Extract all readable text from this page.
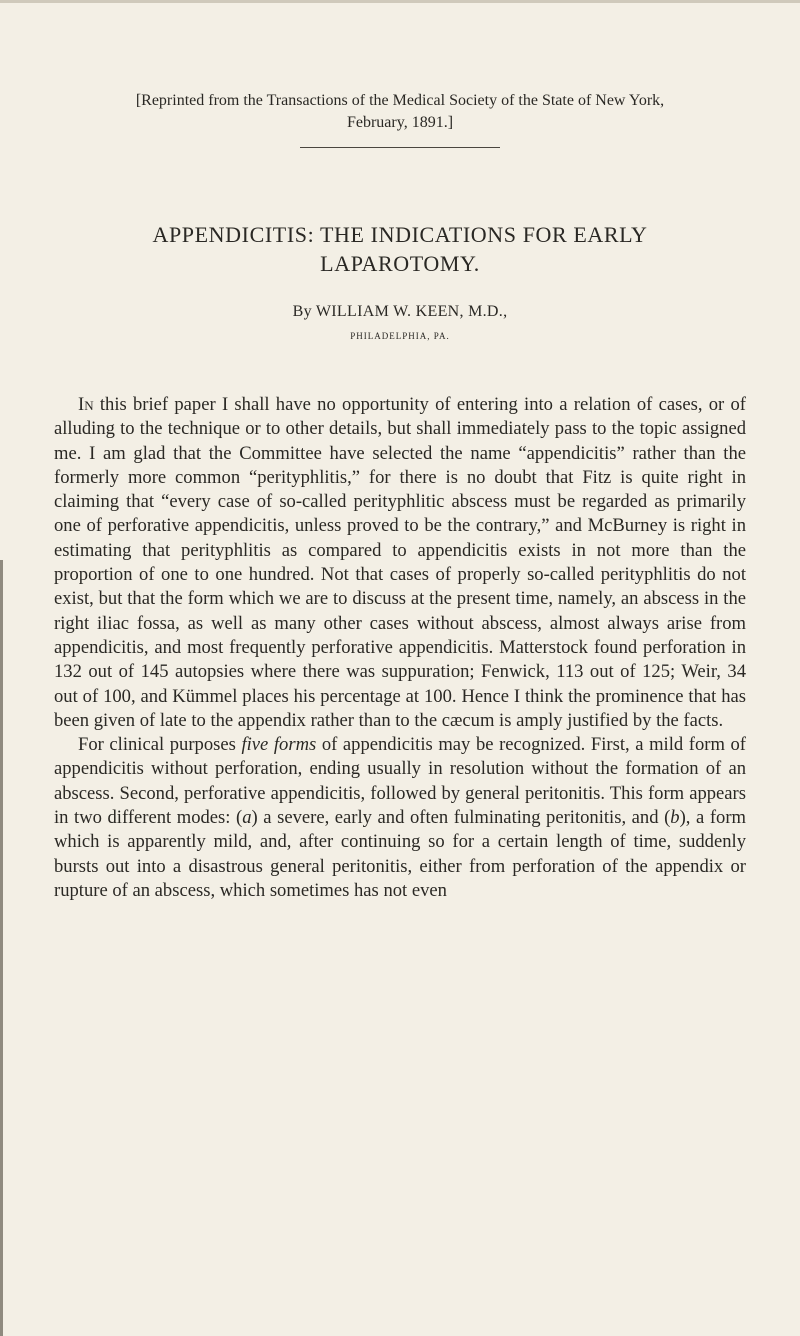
[Reprinted from the Transactions of the Medical Society of the State of New York,
February, 1891.]
APPENDICITIS: THE INDICATIONS FOR EARLY
LAPAROTOMY.
By WILLIAM W. KEEN, M.D.,
PHILADELPHIA, PA.

In this brief paper I shall have no opportunity of entering into a relation of cases, or of alluding to the technique or to other details, but shall immediately pass to the topic assigned me. I am glad that the Committee have selected the name “appendicitis” rather than the formerly more common “perityphlitis,” for there is no doubt that Fitz is quite right in claiming that “every case of so-called perityphlitic abscess must be regarded as primarily one of perforative appendicitis, unless proved to be the contrary,” and McBurney is right in estimating that perityphlitis as compared to appendicitis exists in not more than the proportion of one to one hundred. Not that cases of properly so-called perityphlitis do not exist, but that the form which we are to discuss at the present time, namely, an abscess in the right iliac fossa, as well as many other cases without abscess, almost always arise from appendicitis, and most frequently perforative appendicitis. Matterstock found perforation in 132 out of 145 autopsies where there was suppuration; Fenwick, 113 out of 125; Weir, 34 out of 100, and Kümmel places his percentage at 100. Hence I think the prominence that has been given of late to the appendix rather than to the cæcum is amply justified by the facts.

For clinical purposes five forms of appendicitis may be recognized. First, a mild form of appendicitis without perforation, ending usually in resolution without the formation of an abscess. Second, perforative appendicitis, followed by general peritonitis. This form appears in two different modes: (a) a severe, early and often fulminating peritonitis, and (b), a form which is apparently mild, and, after continuing so for a certain length of time, suddenly bursts out into a disastrous general peritonitis, either from perforation of the appendix or rupture of an abscess, which sometimes has not even
